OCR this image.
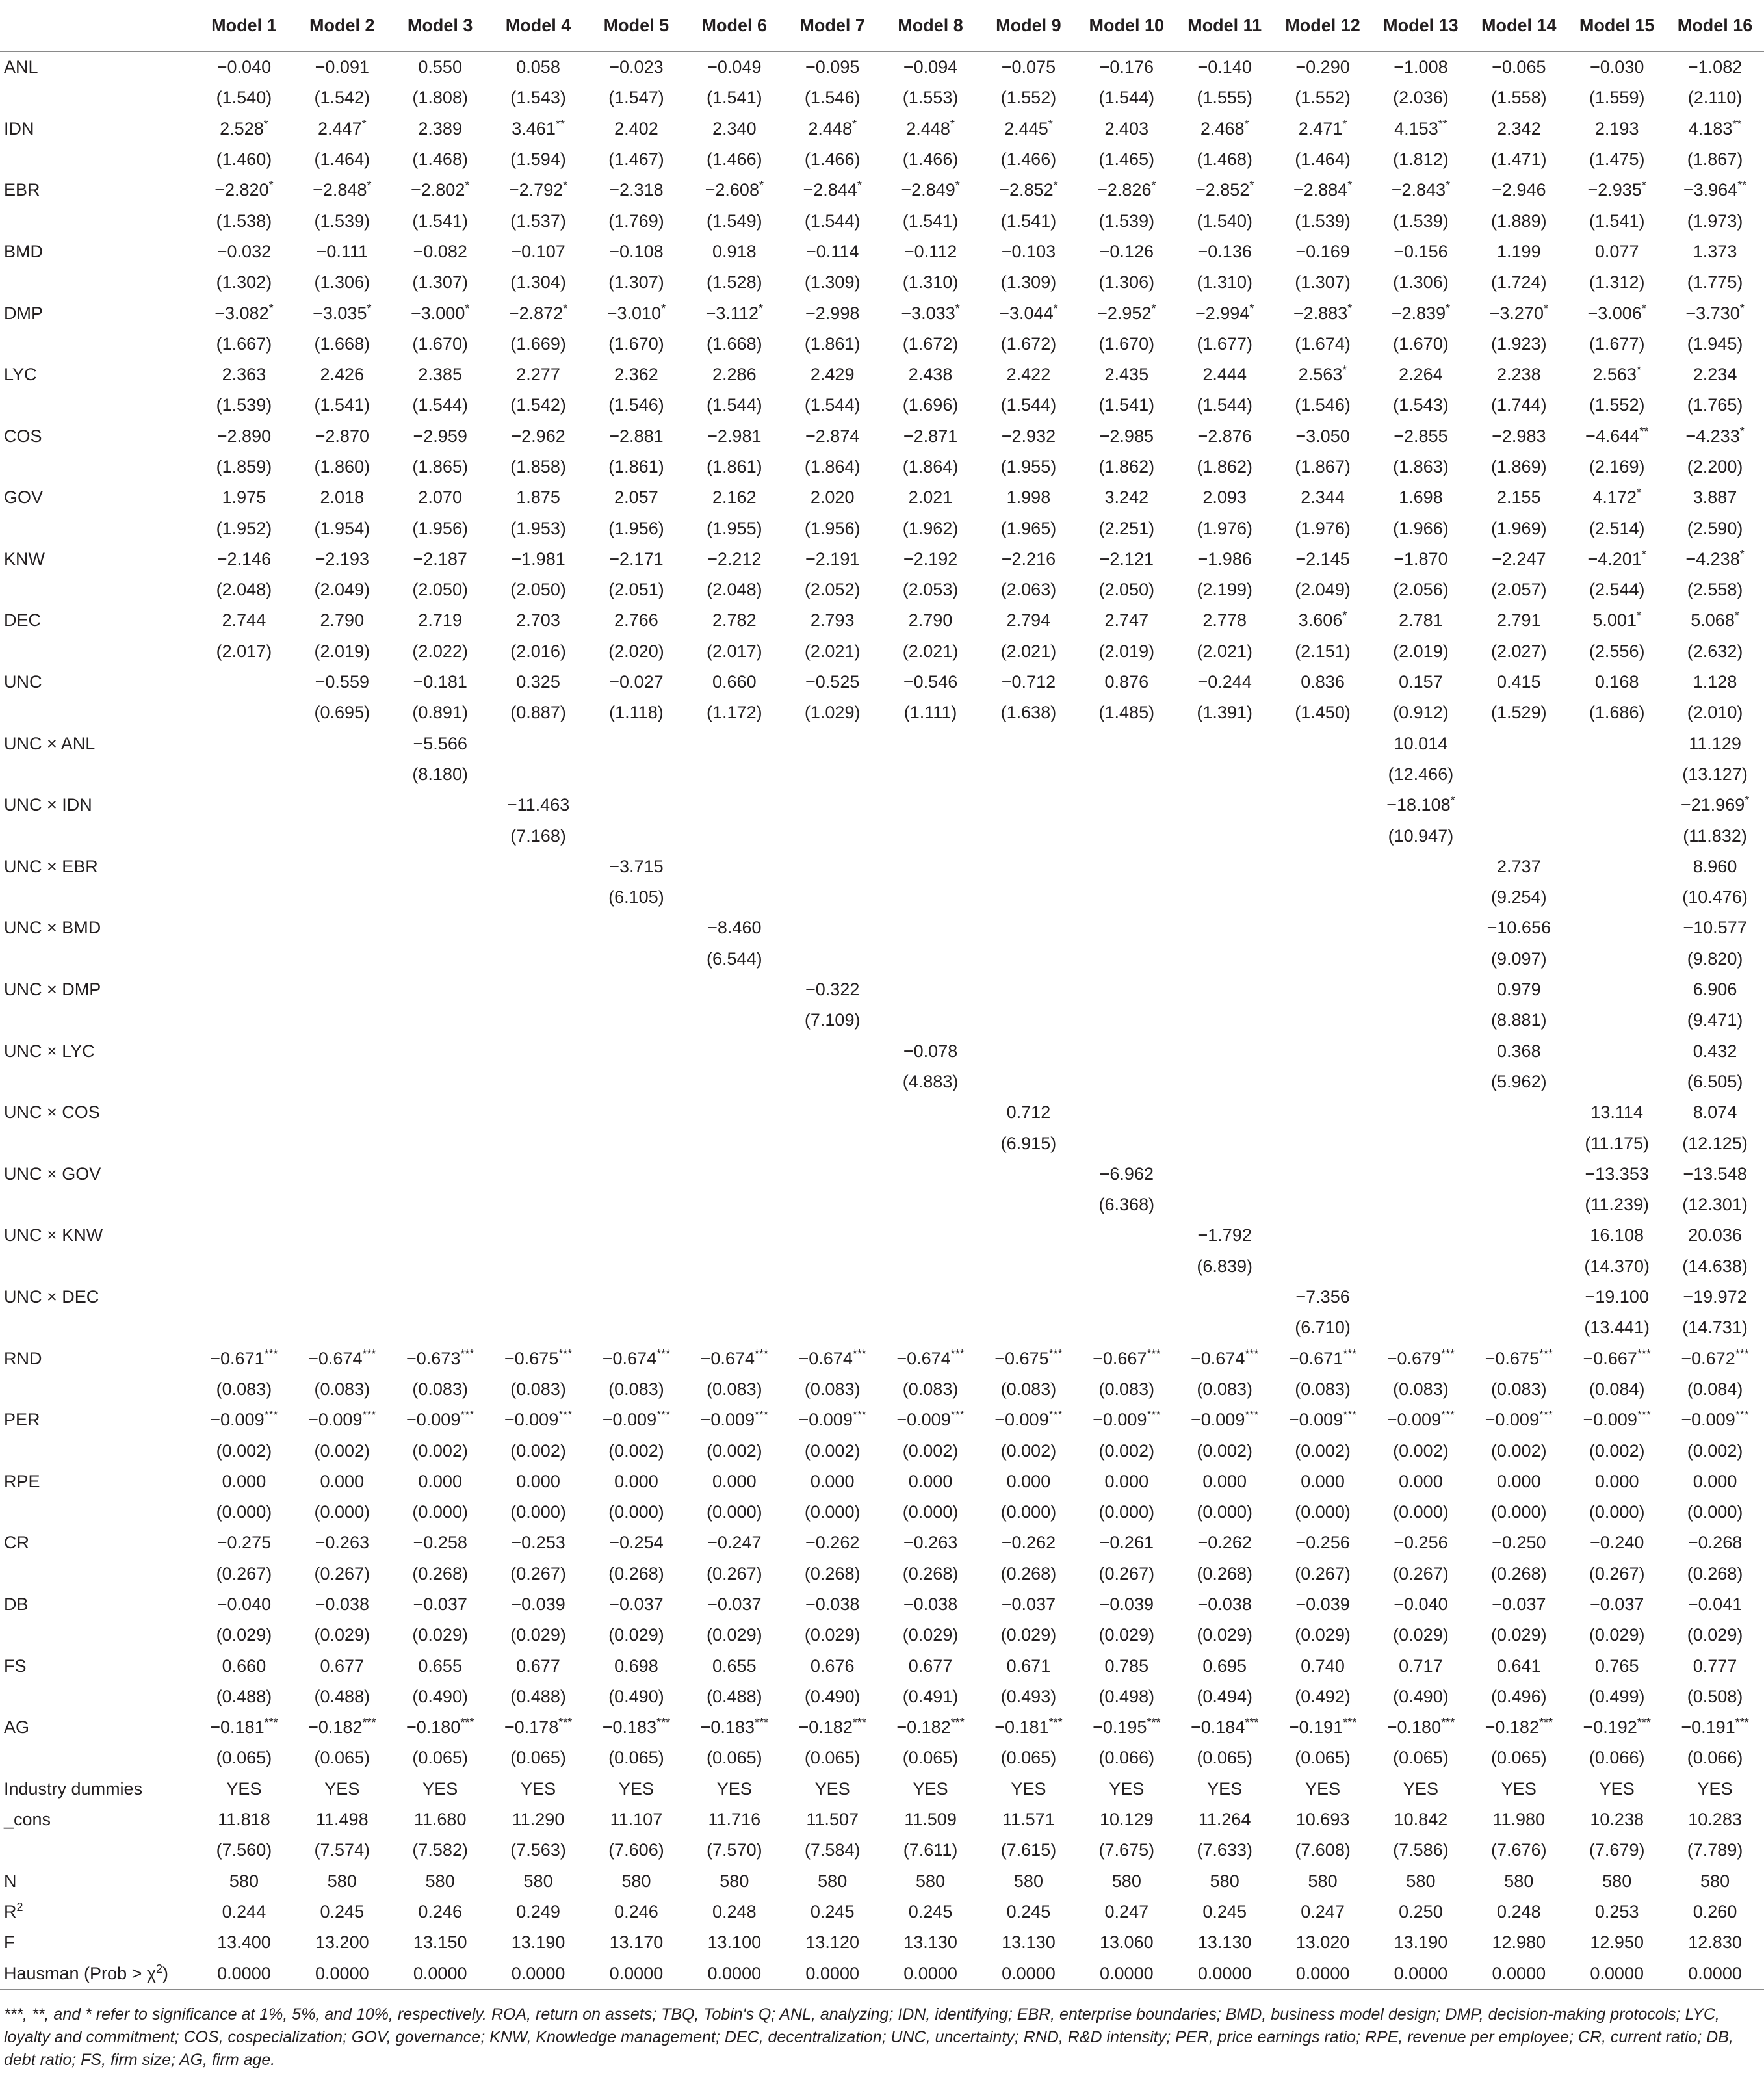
	Model 1	Model 2	Model 3	Model 4	Model 5	Model 6	Model 7	Model 8	Model 9	Model 10	Model 11	Model 12	Model 13	Model 14	Model 15	Model 16
ANL	−0.040	−0.091	0.550	0.058	−0.023	−0.049	−0.095	−0.094	−0.075	−0.176	−0.140	−0.290	−1.008	−0.065	−0.030	−1.082
	(1.540)	(1.542)	(1.808)	(1.543)	(1.547)	(1.541)	(1.546)	(1.553)	(1.552)	(1.544)	(1.555)	(1.552)	(2.036)	(1.558)	(1.559)	(2.110)
IDN	2.528*	2.447*	2.389	3.461**	2.402	2.340	2.448*	2.448*	2.445*	2.403	2.468*	2.471*	4.153**	2.342	2.193	4.183**
	(1.460)	(1.464)	(1.468)	(1.594)	(1.467)	(1.466)	(1.466)	(1.466)	(1.466)	(1.465)	(1.468)	(1.464)	(1.812)	(1.471)	(1.475)	(1.867)
EBR	−2.820*	−2.848*	−2.802*	−2.792*	−2.318	−2.608*	−2.844*	−2.849*	−2.852*	−2.826*	−2.852*	−2.884*	−2.843*	−2.946	−2.935*	−3.964**
	(1.538)	(1.539)	(1.541)	(1.537)	(1.769)	(1.549)	(1.544)	(1.541)	(1.541)	(1.539)	(1.540)	(1.539)	(1.539)	(1.889)	(1.541)	(1.973)
BMD	−0.032	−0.111	−0.082	−0.107	−0.108	0.918	−0.114	−0.112	−0.103	−0.126	−0.136	−0.169	−0.156	1.199	0.077	1.373
	(1.302)	(1.306)	(1.307)	(1.304)	(1.307)	(1.528)	(1.309)	(1.310)	(1.309)	(1.306)	(1.310)	(1.307)	(1.306)	(1.724)	(1.312)	(1.775)
DMP	−3.082*	−3.035*	−3.000*	−2.872*	−3.010*	−3.112*	−2.998	−3.033*	−3.044*	−2.952*	−2.994*	−2.883*	−2.839*	−3.270*	−3.006*	−3.730*
	(1.667)	(1.668)	(1.670)	(1.669)	(1.670)	(1.668)	(1.861)	(1.672)	(1.672)	(1.670)	(1.677)	(1.674)	(1.670)	(1.923)	(1.677)	(1.945)
LYC	2.363	2.426	2.385	2.277	2.362	2.286	2.429	2.438	2.422	2.435	2.444	2.563*	2.264	2.238	2.563*	2.234
	(1.539)	(1.541)	(1.544)	(1.542)	(1.546)	(1.544)	(1.544)	(1.696)	(1.544)	(1.541)	(1.544)	(1.546)	(1.543)	(1.744)	(1.552)	(1.765)
COS	−2.890	−2.870	−2.959	−2.962	−2.881	−2.981	−2.874	−2.871	−2.932	−2.985	−2.876	−3.050	−2.855	−2.983	−4.644**	−4.233*
	(1.859)	(1.860)	(1.865)	(1.858)	(1.861)	(1.861)	(1.864)	(1.864)	(1.955)	(1.862)	(1.862)	(1.867)	(1.863)	(1.869)	(2.169)	(2.200)
GOV	1.975	2.018	2.070	1.875	2.057	2.162	2.020	2.021	1.998	3.242	2.093	2.344	1.698	2.155	4.172*	3.887
	(1.952)	(1.954)	(1.956)	(1.953)	(1.956)	(1.955)	(1.956)	(1.962)	(1.965)	(2.251)	(1.976)	(1.976)	(1.966)	(1.969)	(2.514)	(2.590)
KNW	−2.146	−2.193	−2.187	−1.981	−2.171	−2.212	−2.191	−2.192	−2.216	−2.121	−1.986	−2.145	−1.870	−2.247	−4.201*	−4.238*
	(2.048)	(2.049)	(2.050)	(2.050)	(2.051)	(2.048)	(2.052)	(2.053)	(2.063)	(2.050)	(2.199)	(2.049)	(2.056)	(2.057)	(2.544)	(2.558)
DEC	2.744	2.790	2.719	2.703	2.766	2.782	2.793	2.790	2.794	2.747	2.778	3.606*	2.781	2.791	5.001*	5.068*
	(2.017)	(2.019)	(2.022)	(2.016)	(2.020)	(2.017)	(2.021)	(2.021)	(2.021)	(2.019)	(2.021)	(2.151)	(2.019)	(2.027)	(2.556)	(2.632)
UNC		−0.559	−0.181	0.325	−0.027	0.660	−0.525	−0.546	−0.712	0.876	−0.244	0.836	0.157	0.415	0.168	1.128
		(0.695)	(0.891)	(0.887)	(1.118)	(1.172)	(1.029)	(1.111)	(1.638)	(1.485)	(1.391)	(1.450)	(0.912)	(1.529)	(1.686)	(2.010)
UNC × ANL			−5.566										10.014			11.129
			(8.180)										(12.466)			(13.127)
UNC × IDN				−11.463									−18.108*			−21.969*
				(7.168)									(10.947)			(11.832)
UNC × EBR					−3.715									2.737		8.960
					(6.105)									(9.254)		(10.476)
UNC × BMD						−8.460								−10.656		−10.577
						(6.544)								(9.097)		(9.820)
UNC × DMP							−0.322							0.979		6.906
							(7.109)							(8.881)		(9.471)
UNC × LYC								−0.078						0.368		0.432
								(4.883)						(5.962)		(6.505)
UNC × COS									0.712						13.114	8.074
									(6.915)						(11.175)	(12.125)
UNC × GOV										−6.962					−13.353	−13.548
										(6.368)					(11.239)	(12.301)
UNC × KNW											−1.792				16.108	20.036
											(6.839)				(14.370)	(14.638)
UNC × DEC												−7.356			−19.100	−19.972
												(6.710)			(13.441)	(14.731)
RND	−0.671***	−0.674***	−0.673***	−0.675***	−0.674***	−0.674***	−0.674***	−0.674***	−0.675***	−0.667***	−0.674***	−0.671***	−0.679***	−0.675***	−0.667***	−0.672***
	(0.083)	(0.083)	(0.083)	(0.083)	(0.083)	(0.083)	(0.083)	(0.083)	(0.083)	(0.083)	(0.083)	(0.083)	(0.083)	(0.083)	(0.084)	(0.084)
PER	−0.009***	−0.009***	−0.009***	−0.009***	−0.009***	−0.009***	−0.009***	−0.009***	−0.009***	−0.009***	−0.009***	−0.009***	−0.009***	−0.009***	−0.009***	−0.009***
	(0.002)	(0.002)	(0.002)	(0.002)	(0.002)	(0.002)	(0.002)	(0.002)	(0.002)	(0.002)	(0.002)	(0.002)	(0.002)	(0.002)	(0.002)	(0.002)
RPE	0.000	0.000	0.000	0.000	0.000	0.000	0.000	0.000	0.000	0.000	0.000	0.000	0.000	0.000	0.000	0.000
	(0.000)	(0.000)	(0.000)	(0.000)	(0.000)	(0.000)	(0.000)	(0.000)	(0.000)	(0.000)	(0.000)	(0.000)	(0.000)	(0.000)	(0.000)	(0.000)
CR	−0.275	−0.263	−0.258	−0.253	−0.254	−0.247	−0.262	−0.263	−0.262	−0.261	−0.262	−0.256	−0.256	−0.250	−0.240	−0.268
	(0.267)	(0.267)	(0.268)	(0.267)	(0.268)	(0.267)	(0.268)	(0.268)	(0.268)	(0.267)	(0.268)	(0.267)	(0.267)	(0.268)	(0.267)	(0.268)
DB	−0.040	−0.038	−0.037	−0.039	−0.037	−0.037	−0.038	−0.038	−0.037	−0.039	−0.038	−0.039	−0.040	−0.037	−0.037	−0.041
	(0.029)	(0.029)	(0.029)	(0.029)	(0.029)	(0.029)	(0.029)	(0.029)	(0.029)	(0.029)	(0.029)	(0.029)	(0.029)	(0.029)	(0.029)	(0.029)
FS	0.660	0.677	0.655	0.677	0.698	0.655	0.676	0.677	0.671	0.785	0.695	0.740	0.717	0.641	0.765	0.777
	(0.488)	(0.488)	(0.490)	(0.488)	(0.490)	(0.488)	(0.490)	(0.491)	(0.493)	(0.498)	(0.494)	(0.492)	(0.490)	(0.496)	(0.499)	(0.508)
AG	−0.181***	−0.182***	−0.180***	−0.178***	−0.183***	−0.183***	−0.182***	−0.182***	−0.181***	−0.195***	−0.184***	−0.191***	−0.180***	−0.182***	−0.192***	−0.191***
	(0.065)	(0.065)	(0.065)	(0.065)	(0.065)	(0.065)	(0.065)	(0.065)	(0.065)	(0.066)	(0.065)	(0.065)	(0.065)	(0.065)	(0.066)	(0.066)
Industry dummies	YES	YES	YES	YES	YES	YES	YES	YES	YES	YES	YES	YES	YES	YES	YES	YES
_cons	11.818	11.498	11.680	11.290	11.107	11.716	11.507	11.509	11.571	10.129	11.264	10.693	10.842	11.980	10.238	10.283
	(7.560)	(7.574)	(7.582)	(7.563)	(7.606)	(7.570)	(7.584)	(7.611)	(7.615)	(7.675)	(7.633)	(7.608)	(7.586)	(7.676)	(7.679)	(7.789)
N	580	580	580	580	580	580	580	580	580	580	580	580	580	580	580	580
$R^2$	0.244	0.245	0.246	0.249	0.246	0.248	0.245	0.245	0.245	0.247	0.245	0.247	0.250	0.248	0.253	0.260
F	13.400	13.200	13.150	13.190	13.170	13.100	13.120	13.130	13.130	13.060	13.130	13.020	13.190	12.980	12.950	12.830
Hausman (Prob > $\chi^2$)	0.0000	0.0000	0.0000	0.0000	0.0000	0.0000	0.0000	0.0000	0.0000	0.0000	0.0000	0.0000	0.0000	0.0000	0.0000	0.0000
***, **, and * refer to significance at 1%, 5%, and 10%, respectively. ROA, return on assets; TBQ, Tobin's Q; ANL, analyzing; IDN, identifying; EBR, enterprise boundaries; BMD, business model design; DMP, decision-making protocols; LYC, loyalty and commitment; COS, cospecialization; GOV, governance; KNW, Knowledge management; DEC, decentralization; UNC, uncertainty; RND, R&D intensity; PER, price earnings ratio; RPE, revenue per employee; CR, current ratio; DB, debt ratio; FS, firm size; AG, firm age.
